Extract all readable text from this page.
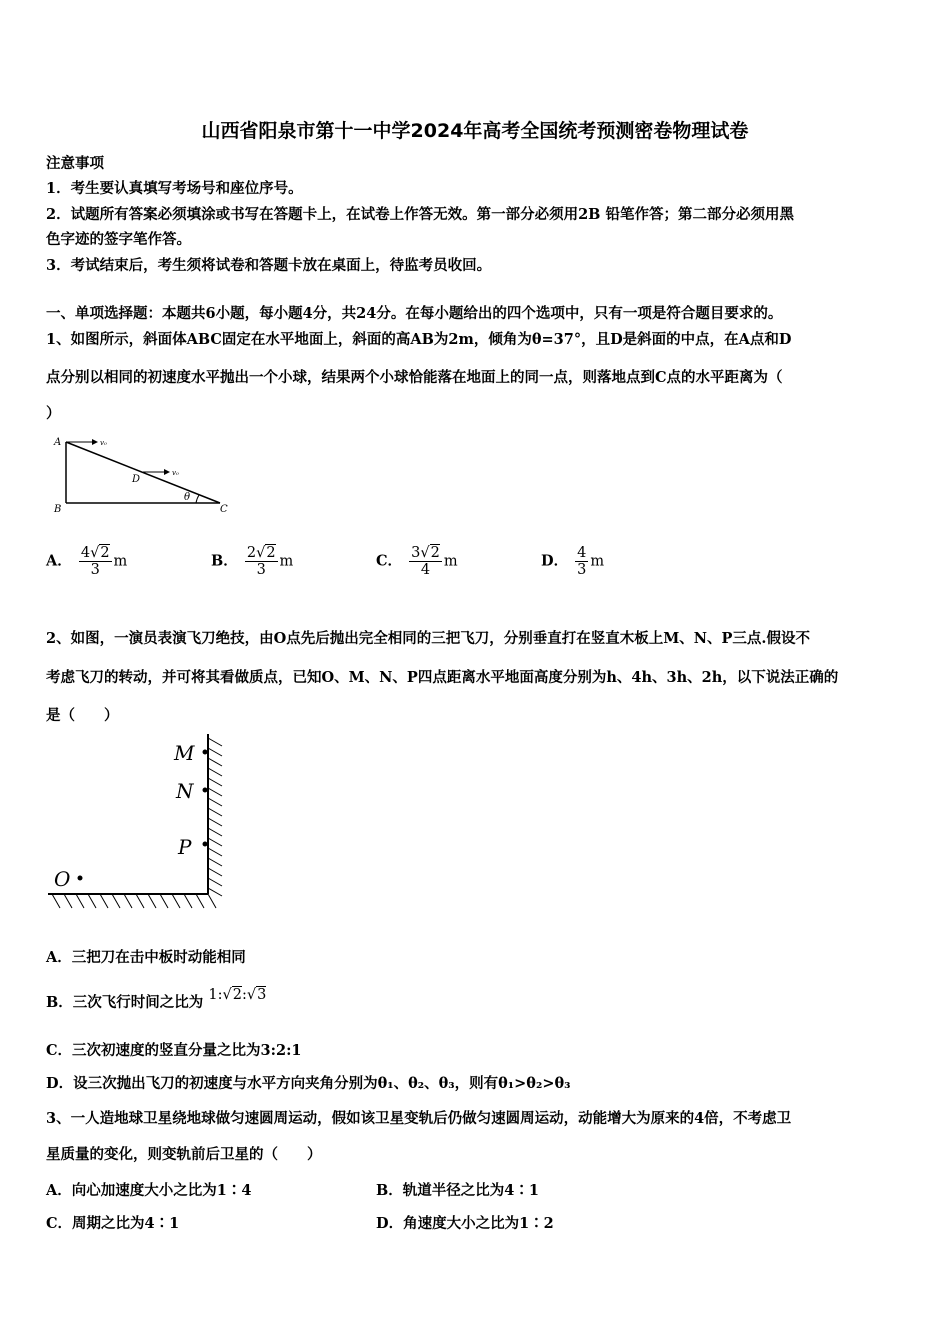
山西省阳泉市第十一中学2024年高考全国统考预测密卷物理试卷
注意事项
1．考生要认真填写考场号和座位序号。
2．试题所有答案必须填涂或书写在答题卡上，在试卷上作答无效。第一部分必须用2B 铅笔作答；第二部分必须用黑
色字迹的签字笔作答。
3．考试结束后，考生须将试卷和答题卡放在桌面上，待监考员收回。
一、单项选择题：本题共6小题，每小题4分，共24分。在每小题给出的四个选项中，只有一项是符合题目要求的。
1、如图所示，斜面体ABC固定在水平地面上，斜面的高AB为2m，倾角为θ=37°，且D是斜面的中点，在A点和D
点分别以相同的初速度水平抛出一个小球，结果两个小球恰能落在地面上的同一点，则落地点到C点的水平距离为（
）
A
B	C
D
θ
v₀
v₀
A． $\frac{4√2}{3}$ m	B． $\frac{2√2}{3}$ m	C． $\frac{3√2}{4}$ m	D． $\frac{4}{3}$ m
2、如图，一演员表演飞刀绝技，由O点先后抛出完全相同的三把飞刀，分别垂直打在竖直木板上M、N、P三点.假设不
考虑飞刀的转动，并可将其看做质点，已知O、M、N、P四点距离水平地面高度分别为h、4h、3h、2h，以下说法正确的
是（　　）
M
N
P
O
A．三把刀在击中板时动能相同
B．三次飞行时间之比为 1:√2:√3
C．三次初速度的竖直分量之比为3:2:1
D．设三次抛出飞刀的初速度与水平方向夹角分别为θ₁、θ₂、θ₃，则有θ₁>θ₂>θ₃
3、一人造地球卫星绕地球做匀速圆周运动，假如该卫星变轨后仍做匀速圆周运动，动能增大为原来的4倍，不考虑卫
星质量的变化，则变轨前后卫星的（　　）
A．向心加速度大小之比为1∶4	B．轨道半径之比为4∶1
C．周期之比为4∶1	D．角速度大小之比为1∶2
